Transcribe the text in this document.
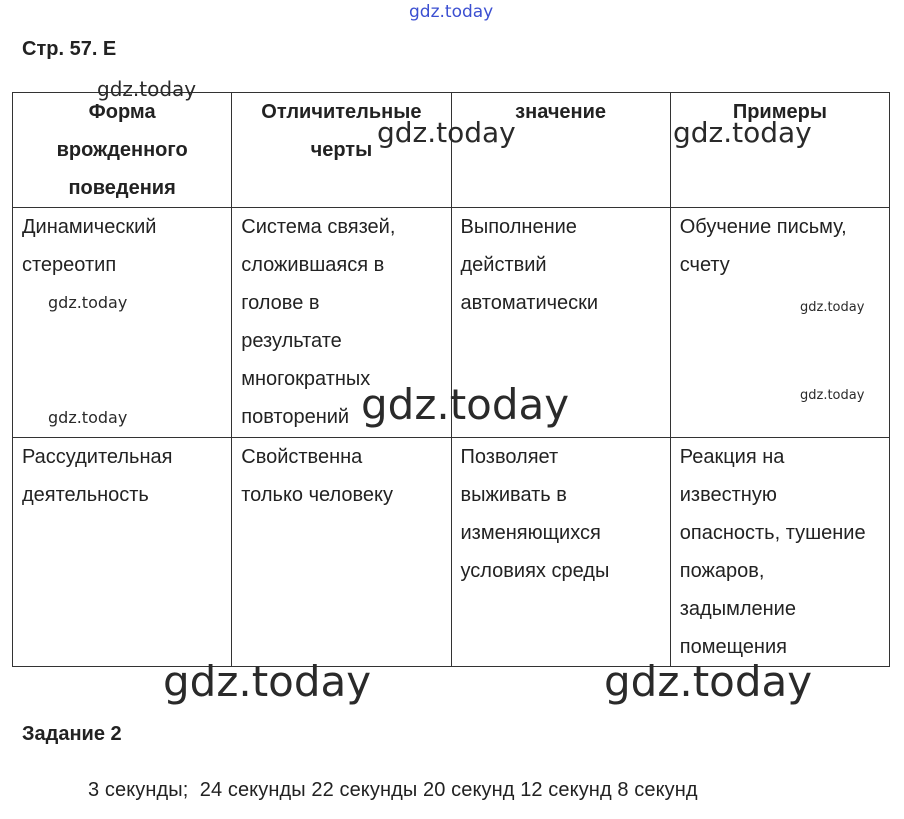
Стр. 57. Е
Форма врожденного поведения	Отличительные черты	значение	Примеры

Динамический стереотип	Система связей, сложившаяся в голове в результате многократных повторений	Выполнение действий автоматически	Обучение письму, счету

Рассудительная деятельность	Свойственна только человеку	Позволяет выживать в изменяющихся условиях среды	Реакция на известную опасность, тушение пожаров, задымление помещения
Задание 2
3 секунды;  24 секунды 22 секунды 20 секунд 12 секунд 8 секунд
gdz.today
gdz.today
gdz.today	gdz.today
gdz.today	gdz.today
gdz.today	gdz.today
gdz.today
gdz.today	gdz.today
